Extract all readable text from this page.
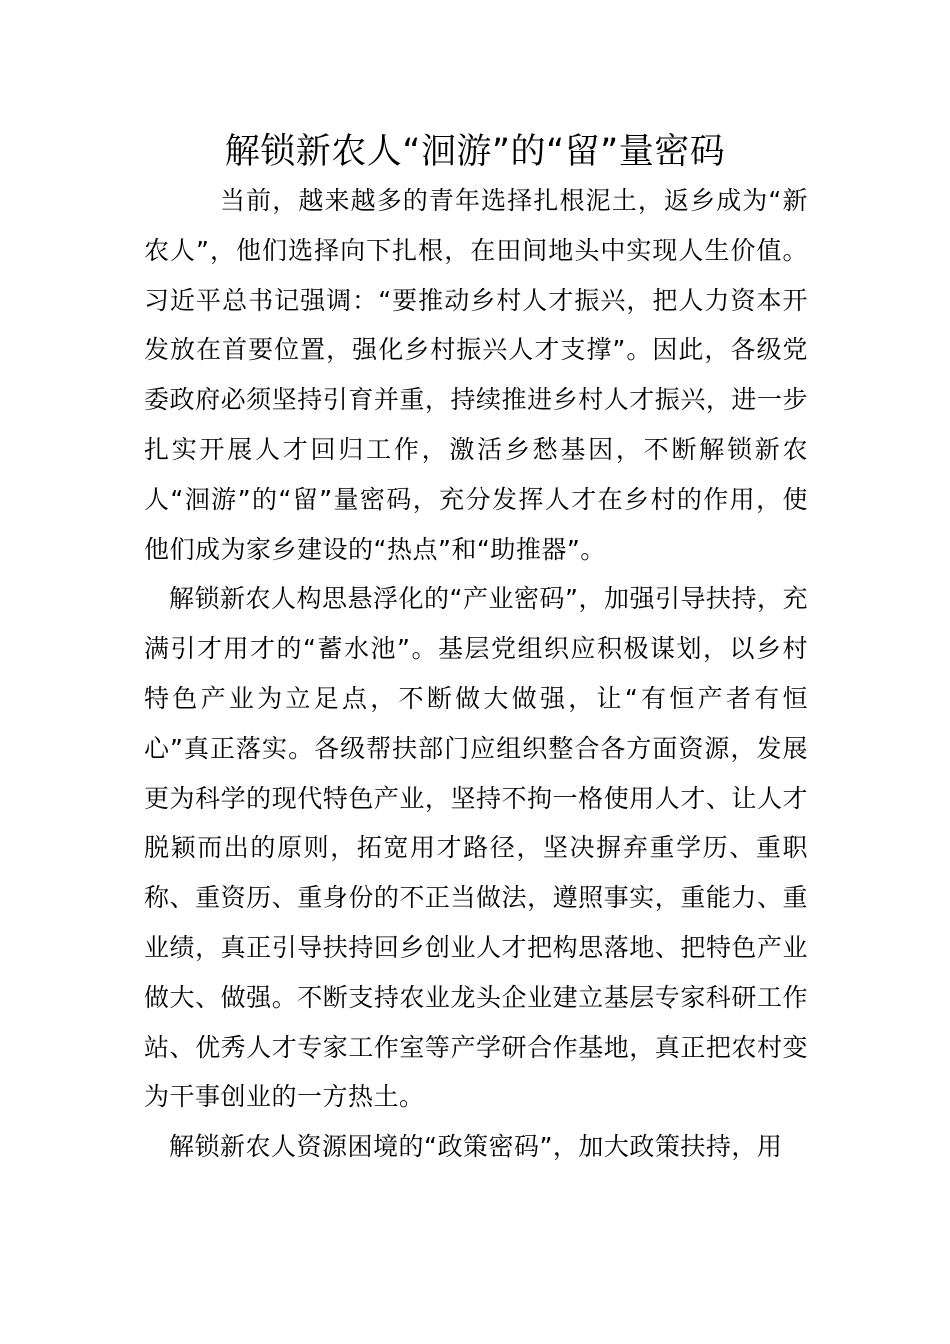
解锁新农人“洄游”的“留”量密码

当前，越来越多的青年选择扎根泥土，返乡成为“新农人”，他们选择向下扎根，在田间地头中实现人生价值。习近平总书记强调：“要推动乡村人才振兴，把人力资本开发放在首要位置，强化乡村振兴人才支撑”。因此，各级党委政府必须坚持引育并重，持续推进乡村人才振兴，进一步扎实开展人才回归工作，激活乡愁基因，不断解锁新农人“洄游”的“留”量密码，充分发挥人才在乡村的作用，使他们成为家乡建设的“热点”和“助推器”。

解锁新农人构思悬浮化的“产业密码”，加强引导扶持，充满引才用才的“蓄水池”。基层党组织应积极谋划，以乡村特色产业为立足点，不断做大做强，让“有恒产者有恒心”真正落实。各级帮扶部门应组织整合各方面资源，发展更为科学的现代特色产业，坚持不拘一格使用人才、让人才脱颖而出的原则，拓宽用才路径，坚决摒弃重学历、重职称、重资历、重身份的不正当做法，遵照事实，重能力、重业绩，真正引导扶持回乡创业人才把构思落地、把特色产业做大、做强。不断支持农业龙头企业建立基层专家科研工作站、优秀人才专家工作室等产学研合作基地，真正把农村变为干事创业的一方热土。

解锁新农人资源困境的“政策密码”，加大政策扶持，用
